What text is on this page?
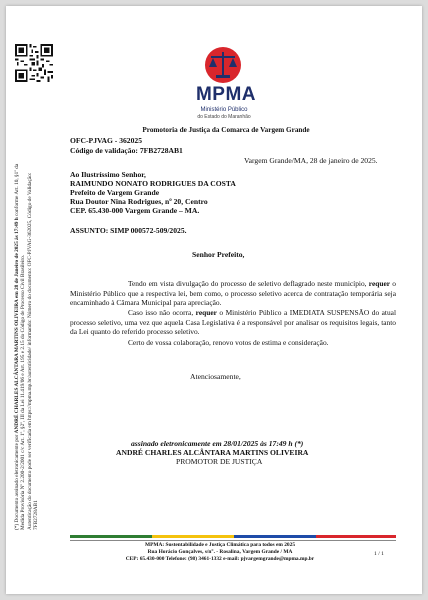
(*) Documento assinado eletronicamente por ANDRÉ CHARLES ALCÂNTARA MARTINS OLIVEIRA em 28 de Janeiro de 2025 às 17:49 h conforme Art. 10, §1º da
Medida Provisória Nº 2.200-2/2001 c/c Art. 1º, §2º, III da Lei 11.419/06 e Art. 195 e 2.15 do Código de Processo Civil Brasileiro. Autenticação do documento pode ser verificada em https://mpma.mp.br/autenticidade/ informando: Número do documento: OFC-PJVAG-362025, Código de Validação: 7FB2728AB1
MPMA
Ministério Público
do Estado do Maranhão
Promotoria de Justiça da Comarca de Vargem Grande
OFC-PJVAG - 362025
Código de validação: 7FB2728AB1
Vargem Grande/MA, 28 de janeiro de 2025.
Ao Ilustríssimo Senhor,
RAIMUNDO NONATO RODRIGUES DA COSTA
Prefeito de Vargem Grande
Rua Doutor Nina Rodrigues, nº 20, Centro
CEP. 65.430-000 Vargem Grande – MA.
ASSUNTO: SIMP 000572-509/2025.
Senhor Prefeito,
Tendo em vista divulgação do processo de seletivo deflagrado neste município, requer o Ministério Público que a respectiva lei, bem como, o processo seletivo acerca de contratação temporária seja encaminhado à Câmara Municipal para apreciação.
Caso isso não ocorra, requer o Ministério Público a IMEDIATA SUSPENSÃO do atual processo seletivo, uma vez que aquela Casa Legislativa é a responsável por analisar os requisitos legais, tanto da Lei quanto do referido processo seletivo.
Certo de vossa colaboração, renovo votos de estima e consideração.
Atenciosamente,
assinado eletronicamente em 28/01/2025 às 17:49 h (*)
ANDRÉ CHARLES ALCÂNTARA MARTINS OLIVEIRA
PROMOTOR DE JUSTIÇA
MPMA: Sustentabilidade e Justiça Climática para todos em 2025
Rua Horácio Gonçalves, s/n°. - Rosalina, Vargem Grande / MA
CEP: 65.430-000 Telefone: (98) 3461-1332 e-mail: pjvargemgrande@mpma.mp.br
1 / 1
